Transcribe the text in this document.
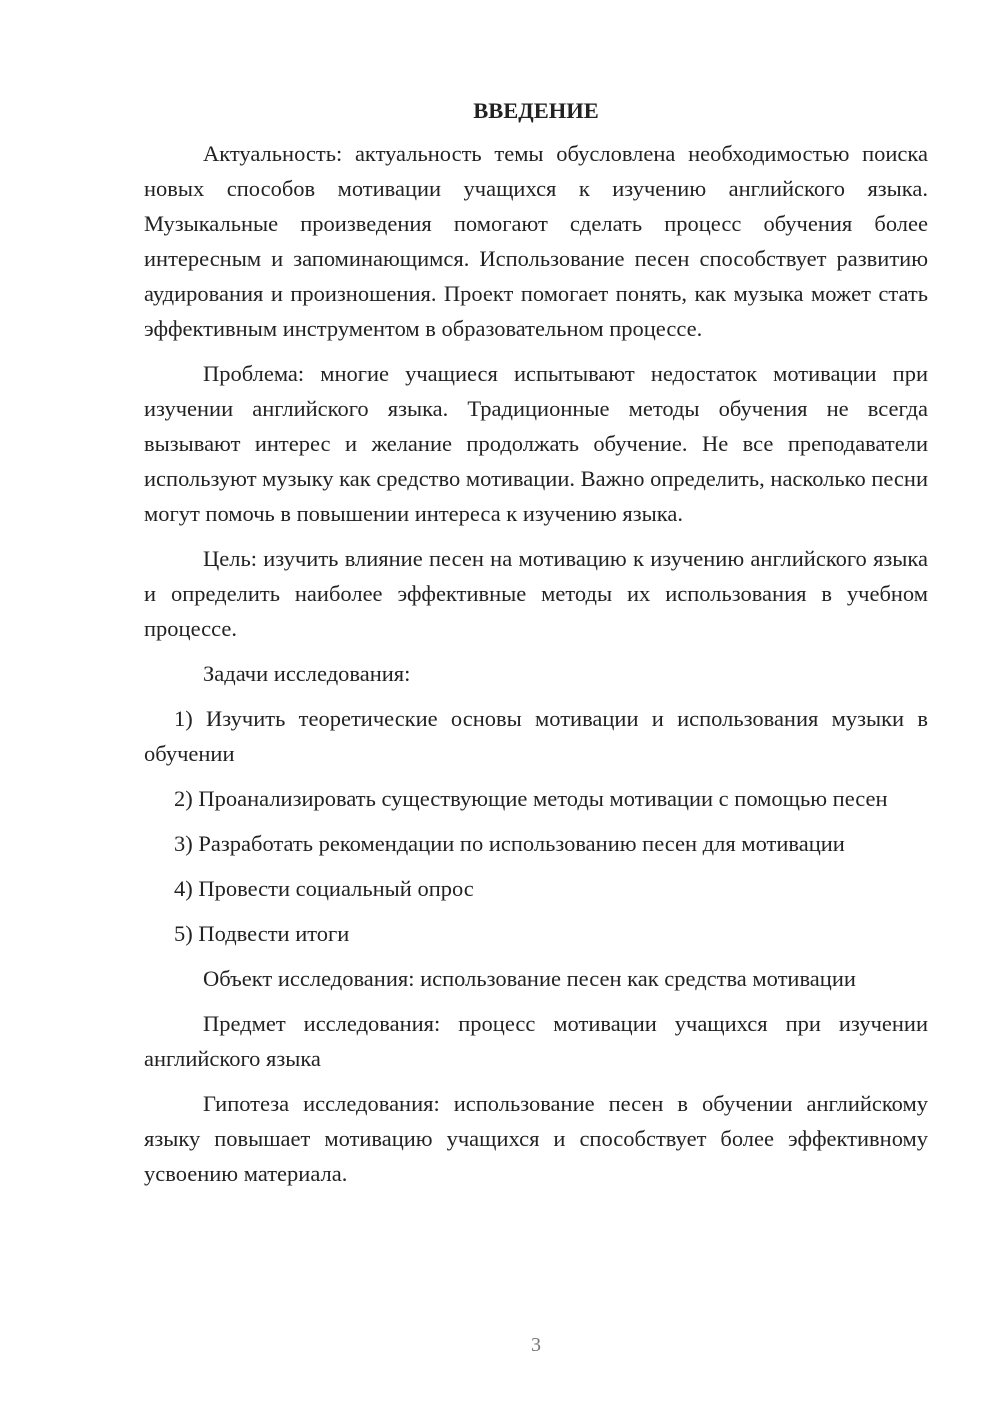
ВВЕДЕНИЕ

Актуальность: актуальность темы обусловлена необходимостью поиска новых способов мотивации учащихся к изучению английского языка. Музыкальные произведения помогают сделать процесс обучения более интересным и запоминающимся. Использование песен способствует развитию аудирования и произношения. Проект помогает понять, как музыка может стать эффективным инструментом в образовательном процессе.

Проблема: многие учащиеся испытывают недостаток мотивации при изучении английского языка. Традиционные методы обучения не всегда вызывают интерес и желание продолжать обучение. Не все преподаватели используют музыку как средство мотивации. Важно определить, насколько песни могут помочь в повышении интереса к изучению языка.

Цель: изучить влияние песен на мотивацию к изучению английского языка и определить наиболее эффективные методы их использования в учебном процессе.

Задачи исследования:

1) Изучить теоретические основы мотивации и использования музыки в обучении

2) Проанализировать существующие методы мотивации с помощью песен

3) Разработать рекомендации по использованию песен для мотивации

4) Провести социальный опрос

5) Подвести итоги

Объект исследования: использование песен как средства мотивации

Предмет исследования: процесс мотивации учащихся при изучении английского языка

Гипотеза исследования: использование песен в обучении английскому языку повышает мотивацию учащихся и способствует более эффективному усвоению материала.

3
